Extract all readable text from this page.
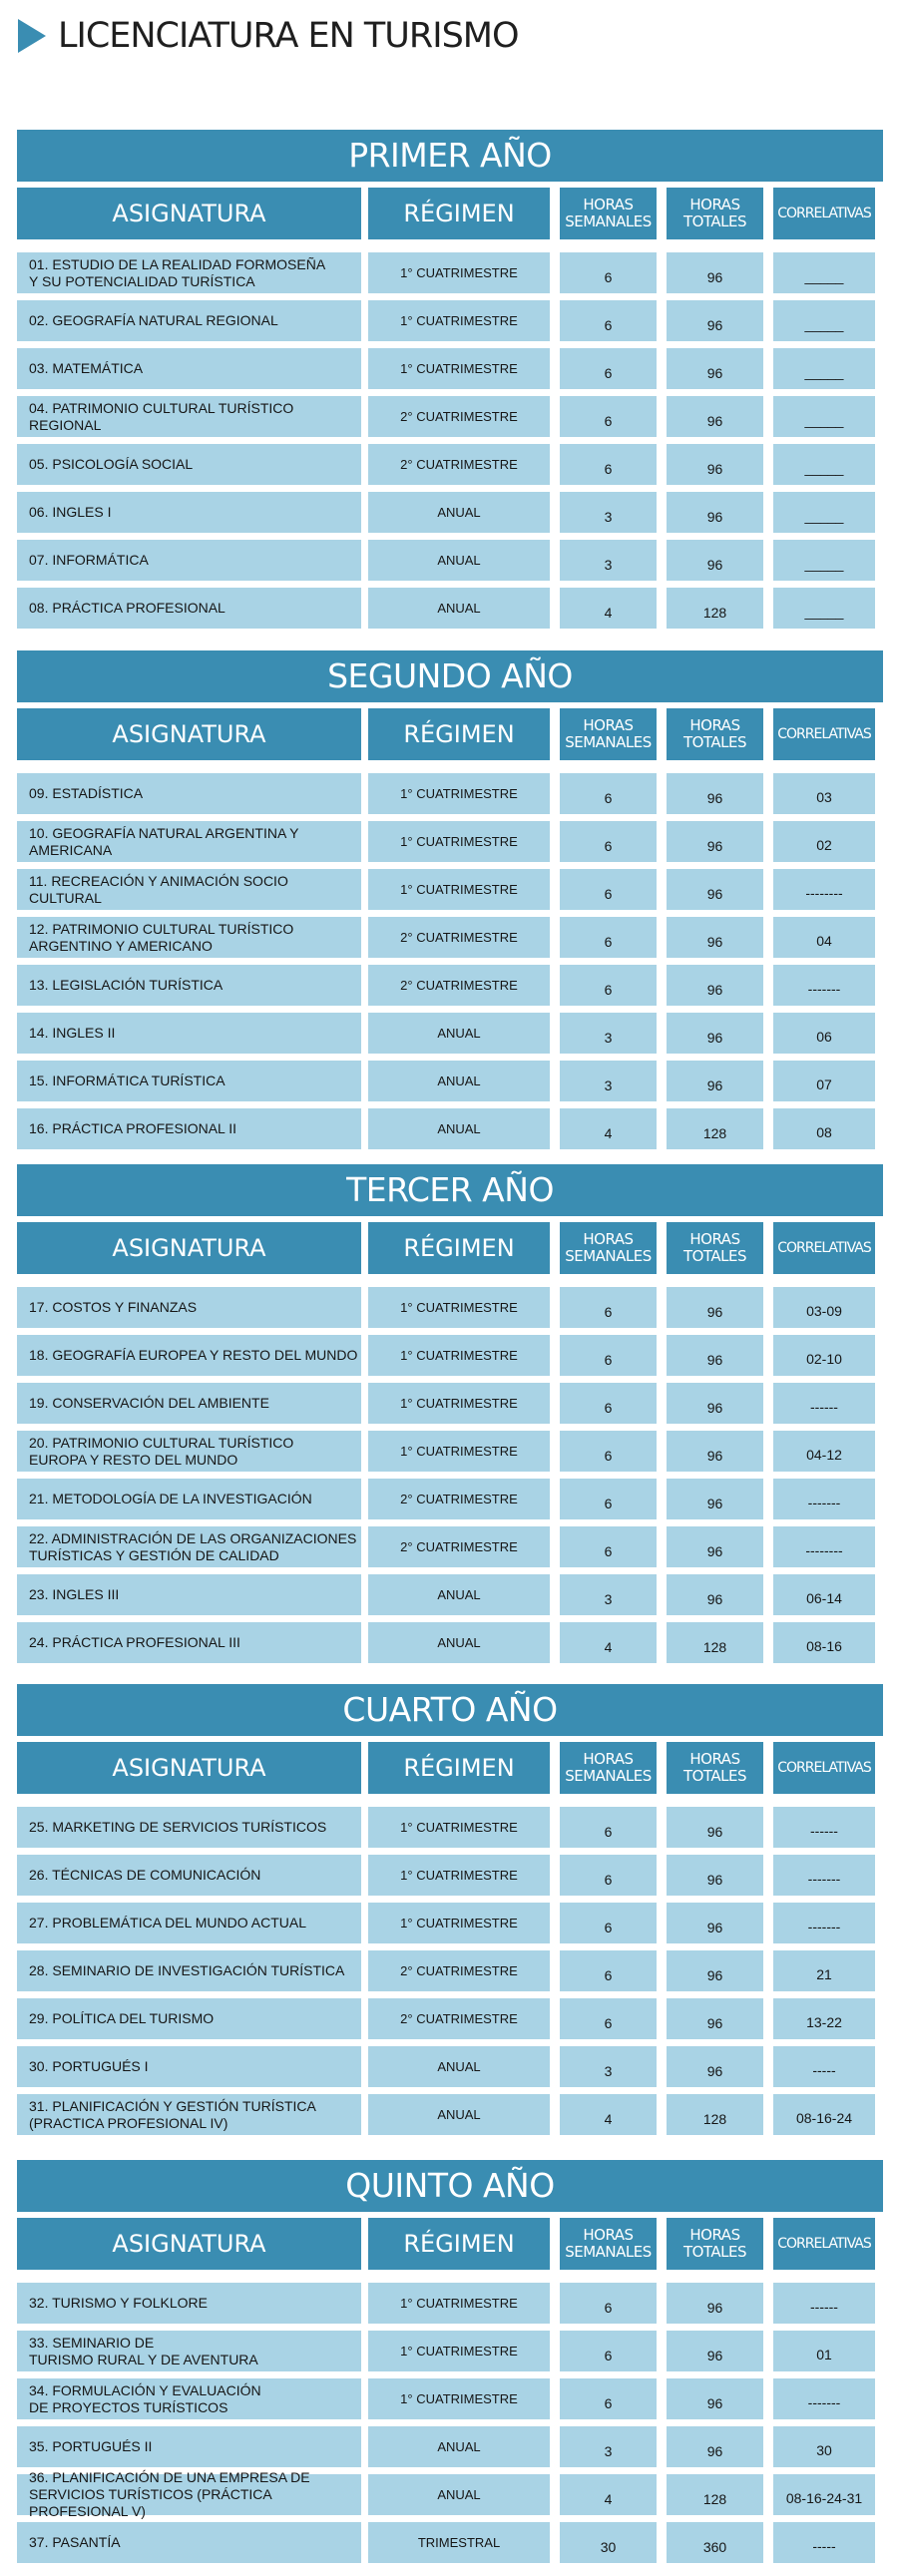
LICENCIATURA EN TURISMO
PRIMER AÑO
ASIGNATURA	RÉGIMEN	HORAS
SEMANALES
HORAS
TOTALES	CORRELATIVAS
01. ESTUDIO DE LA REALIDAD FORMOSEÑA
Y SU POTENCIALIDAD TURÍSTICA	1° CUATRIMESTRE	6	96	_____
02. GEOGRAFÍA NATURAL REGIONAL	1° CUATRIMESTRE	6	96	_____
03. MATEMÁTICA	1° CUATRIMESTRE	6	96	_____
04. PATRIMONIO CULTURAL TURÍSTICO REGIONAL	2° CUATRIMESTRE	6	96	_____
05. PSICOLOGÍA SOCIAL	2° CUATRIMESTRE	6	96	_____
06. INGLES I	ANUAL	3	96	_____
07. INFORMÁTICA	ANUAL	3	96	_____
08. PRÁCTICA PROFESIONAL	ANUAL	4	128	_____
SEGUNDO AÑO
ASIGNATURA	RÉGIMEN	HORAS
SEMANALES
HORAS
TOTALES	CORRELATIVAS
09. ESTADÍSTICA	1° CUATRIMESTRE	6	96	03
10. GEOGRAFÍA NATURAL ARGENTINA Y AMERICANA	1° CUATRIMESTRE	6	96	02
11. RECREACIÓN Y ANIMACIÓN SOCIO CULTURAL	1° CUATRIMESTRE	6	96	--------
12. PATRIMONIO CULTURAL TURÍSTICO
ARGENTINO Y AMERICANO	2° CUATRIMESTRE	6	96	04
13. LEGISLACIÓN TURÍSTICA	2° CUATRIMESTRE	6	96	-------
14. INGLES II	ANUAL	3	96	06
15. INFORMÁTICA TURÍSTICA	ANUAL	3	96	07
16. PRÁCTICA PROFESIONAL II	ANUAL	4	128	08
TERCER AÑO
ASIGNATURA	RÉGIMEN	HORAS
SEMANALES
HORAS
TOTALES	CORRELATIVAS
17. COSTOS Y FINANZAS	1° CUATRIMESTRE	6	96	03-09
18. GEOGRAFÍA EUROPEA Y RESTO DEL MUNDO	1° CUATRIMESTRE	6	96	02-10
19. CONSERVACIÓN DEL AMBIENTE	1° CUATRIMESTRE	6	96	------
20. PATRIMONIO CULTURAL TURÍSTICO
EUROPA Y RESTO DEL MUNDO	1° CUATRIMESTRE	6	96	04-12
21. METODOLOGÍA DE LA INVESTIGACIÓN	2° CUATRIMESTRE	6	96	-------
22. ADMINISTRACIÓN DE LAS ORGANIZACIONES
TURÍSTICAS Y GESTIÓN DE CALIDAD	2° CUATRIMESTRE	6	96	--------
23. INGLES III	ANUAL	3	96	06-14
24. PRÁCTICA PROFESIONAL III	ANUAL	4	128	08-16
CUARTO AÑO
ASIGNATURA	RÉGIMEN	HORAS
SEMANALES
HORAS
TOTALES	CORRELATIVAS
25. MARKETING DE SERVICIOS TURÍSTICOS	1° CUATRIMESTRE	6	96	------
26. TÉCNICAS DE COMUNICACIÓN	1° CUATRIMESTRE	6	96	-------
27. PROBLEMÁTICA DEL MUNDO ACTUAL	1° CUATRIMESTRE	6	96	-------
28. SEMINARIO DE INVESTIGACIÓN TURÍSTICA	2° CUATRIMESTRE	6	96	21
29. POLÍTICA DEL TURISMO	2° CUATRIMESTRE	6	96	13-22
30. PORTUGUÉS I	ANUAL	3	96	-----
31. PLANIFICACIÓN Y GESTIÓN TURÍSTICA
(PRACTICA PROFESIONAL IV)	ANUAL	4	128	08-16-24
QUINTO AÑO
ASIGNATURA	RÉGIMEN	HORAS
SEMANALES
HORAS
TOTALES	CORRELATIVAS
32. TURISMO Y FOLKLORE	1° CUATRIMESTRE	6	96	------
33. SEMINARIO DE
TURISMO RURAL Y DE AVENTURA	1° CUATRIMESTRE	6	96	01
34. FORMULACIÓN Y EVALUACIÓN
DE PROYECTOS TURÍSTICOS	1° CUATRIMESTRE	6	96	-------
35. PORTUGUÉS II	ANUAL	3	96	30
36. PLANIFICACIÓN DE UNA EMPRESA DE
SERVICIOS TURÍSTICOS (PRÁCTICA PROFESIONAL V)
ANUAL	4	128	08-16-24-31
37. PASANTÍA	TRIMESTRAL	30	360	-----
